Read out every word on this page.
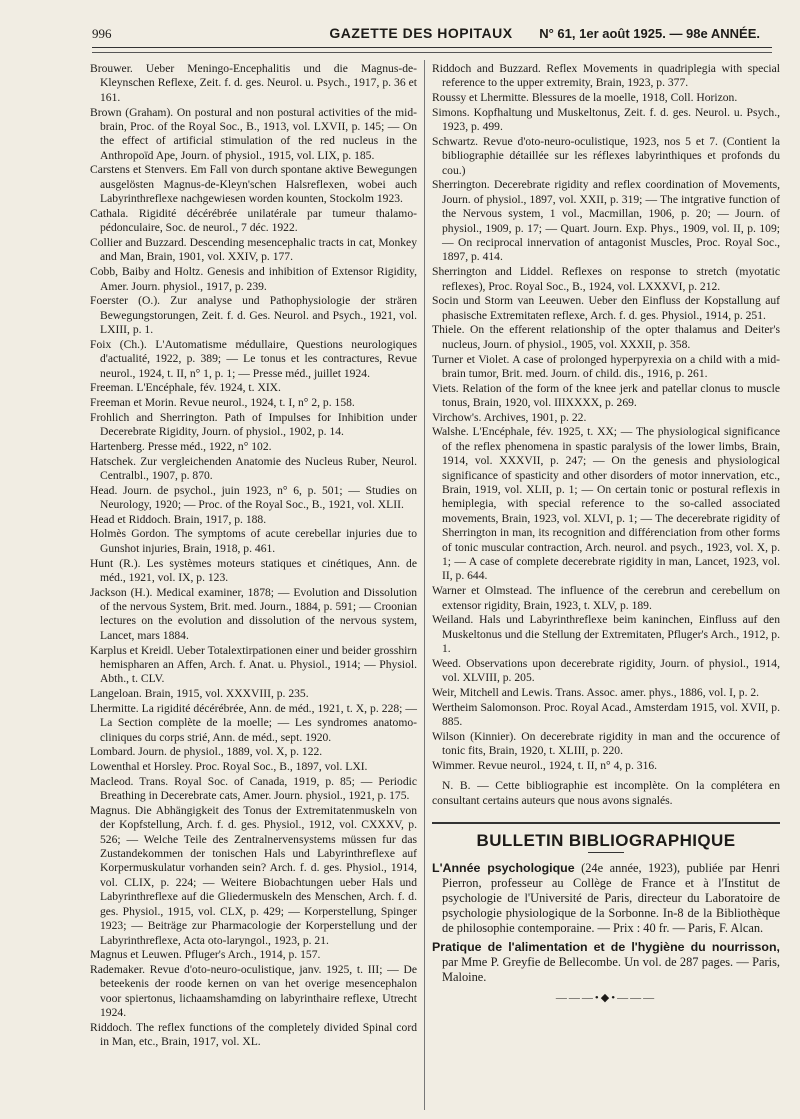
996	GAZETTE DES HOPITAUX	N° 61, 1er août 1925. — 98e ANNÉE.
Brouwer. Ueber Meningo-Encephalitis und die Magnus-de-Kleynschen Reflexe, Zeit. f. d. ges. Neurol. u. Psych., 1917, p. 36 et 161.
Brown (Graham). On postural and non postural activities of the mid-brain, Proc. of the Royal Soc., B., 1913, vol. LXVII, p. 145; — On the effect of artificial stimulation of the red nucleus in the Anthropoïd Ape, Journ. of physiol., 1915, vol. LIX, p. 185.
Carstens et Stenvers. Em Fall von durch spontane aktive Bewegungen ausgelösten Magnus-de-Kleyn'schen Halsreflexen, wobei auch Labyrinthreflexe nachgewiesen worden kounten, Stockolm 1923.
Cathala. Rigidité décérébrée unilatérale par tumeur thalamo-pédonculaire, Soc. de neurol., 7 déc. 1922.
Collier and Buzzard. Descending mesencephalic tracts in cat, Monkey and Man, Brain, 1901, vol. XXIV, p. 177.
Cobb, Baiby and Holtz. Genesis and inhibition of Extensor Rigidity, Amer. Journ. physiol., 1917, p. 239.
Foerster (O.). Zur analyse und Pathophysiologie der strären Bewegungstorungen, Zeit. f. d. Ges. Neurol. and Psych., 1921, vol. LXIII, p. 1.
Foix (Ch.). L'Automatisme médullaire, Questions neurologiques d'actualité, 1922, p. 389; — Le tonus et les contractures, Revue neurol., 1924, t. II, n° 1, p. 1; — Presse méd., juillet 1924.
Freeman. L'Encéphale, fév. 1924, t. XIX.
Freeman et Morin. Revue neurol., 1924, t. I, n° 2, p. 158.
Frohlich and Sherrington. Path of Impulses for Inhibition under Decerebrate Rigidity, Journ. of physiol., 1902, p. 14.
Hartenberg. Presse méd., 1922, n° 102.
Hatschek. Zur vergleichenden Anatomie des Nucleus Ruber, Neurol. Centralbl., 1907, p. 870.
Head. Journ. de psychol., juin 1923, n° 6, p. 501; — Studies on Neurology, 1920; — Proc. of the Royal Soc., B., 1921, vol. XLII.
Head et Riddoch. Brain, 1917, p. 188.
Holmès Gordon. The symptoms of acute cerebellar injuries due to Gunshot injuries, Brain, 1918, p. 461.
Hunt (R.). Les systèmes moteurs statiques et cinétiques, Ann. de méd., 1921, vol. IX, p. 123.
Jackson (H.). Medical examiner, 1878; — Evolution and Dissolution of the nervous System, Brit. med. Journ., 1884, p. 591; — Croonian lectures on the evolution and dissolution of the nervous system, Lancet, mars 1884.
Karplus et Kreidl. Ueber Totalextirpationen einer und beider grosshirn hemispharen an Affen, Arch. f. Anat. u. Physiol., 1914; — Physiol. Abth., t. CLV.
Langeloan. Brain, 1915, vol. XXXVIII, p. 235.
Lhermitte. La rigidité décérébrée, Ann. de méd., 1921, t. X, p. 228; — La Section complète de la moelle; — Les syndromes anatomo-cliniques du corps strié, Ann. de méd., sept. 1920.
Lombard. Journ. de physiol., 1889, vol. X, p. 122.
Lowenthal et Horsley. Proc. Royal Soc., B., 1897, vol. LXI.
Macleod. Trans. Royal Soc. of Canada, 1919, p. 85; — Periodic Breathing in Decerebrate cats, Amer. Journ. physiol., 1921, p. 175.
Magnus. Die Abhängigkeit des Tonus der Extremitatenmuskeln von der Kopfstellung, Arch. f. d. ges. Physiol., 1912, vol. CXXXV, p. 526; — Welche Teile des Zentralnervensystems müssen fur das Zustandekommen der tonischen Hals und Labyrinthreflexe auf Korpermuskulatur vorhanden sein? Arch. f. d. ges. Physiol., 1914, vol. CLIX, p. 224; — Weitere Biobachtungen ueber Hals und Labyrinthreflexe auf die Gliedermuskeln des Menschen, Arch. f. d. ges. Physiol., 1915, vol. CLX, p. 429; — Korperstellung, Spinger 1923; — Beiträge zur Pharmacologie der Korperstellung und der Labyrinthreflexe, Acta oto-laryngol., 1923, p. 21.
Magnus et Leuwen. Pfluger's Arch., 1914, p. 157.
Rademaker. Revue d'oto-neuro-oculistique, janv. 1925, t. III; — De beteekenis der roode kernen on van het overige mesencephalon voor spiertonus, lichaamshamding on labyrinthaire reflexe, Utrecht 1924.
Riddoch. The reflex functions of the completely divided Spinal cord in Man, etc., Brain, 1917, vol. XL.
Riddoch and Buzzard. Reflex Movements in quadriplegia with special reference to the upper extremity, Brain, 1923, p. 377.
Roussy et Lhermitte. Blessures de la moelle, 1918, Coll. Horizon.
Simons. Kopfhaltung und Muskeltonus, Zeit. f. d. ges. Neurol. u. Psych., 1923, p. 499.
Schwartz. Revue d'oto-neuro-oculistique, 1923, nos 5 et 7. (Contient la bibliographie détaillée sur les réflexes labyrinthiques et profonds du cou.)
Sherrington. Decerebrate rigidity and reflex coordination of Movements, Journ. of physiol., 1897, vol. XXII, p. 319; — The intgrative function of the Nervous system, 1 vol., Macmillan, 1906, p. 20; — Journ. of physiol., 1909, p. 17; — Quart. Journ. Exp. Phys., 1909, vol. II, p. 109; — On reciprocal innervation of antagonist Muscles, Proc. Royal Soc., 1897, p. 414.
Sherrington and Liddel. Reflexes on response to stretch (myotatic reflexes), Proc. Royal Soc., B., 1924, vol. LXXXVI, p. 212.
Socin und Storm van Leeuwen. Ueber den Einfluss der Kopstallung auf phasische Extremitaten reflexe, Arch. f. d. ges. Physiol., 1914, p. 251.
Thiele. On the efferent relationship of the opter thalamus and Deiter's nucleus, Journ. of physiol., 1905, vol. XXXII, p. 358.
Turner et Violet. A case of prolonged hyperpyrexia on a child with a mid-brain tumor, Brit. med. Journ. of child. dis., 1916, p. 261.
Viets. Relation of the form of the knee jerk and patellar clonus to muscle tonus, Brain, 1920, vol. IIIXXXX, p. 269.
Virchow's. Archives, 1901, p. 22.
Walshe. L'Encéphale, fév. 1925, t. XX; — The physiological significance of the reflex phenomena in spastic paralysis of the lower limbs, Brain, 1914, vol. XXXVII, p. 247; — On the genesis and physiological significance of spasticity and other disorders of motor innervation, etc., Brain, 1919, vol. XLII, p. 1; — On certain tonic or postural reflexis in hemiplegia, with special reference to the so-called associated movements, Brain, 1923, vol. XLVI, p. 1; — The decerebrate rigidity of Sherrington in man, its recognition and différenciation from other forms of tonic muscular contraction, Arch. neurol. and psych., 1923, vol. X, p. 1; — A case of complete decerebrate rigidity in man, Lancet, 1923, vol. II, p. 644.
Warner et Olmstead. The influence of the cerebrun and cerebellum on extensor rigidity, Brain, 1923, t. XLV, p. 189.
Weiland. Hals und Labyrinthreflexe beim kaninchen, Einfluss auf den Muskeltonus und die Stellung der Extremitaten, Pfluger's Arch., 1912, p. 1.
Weed. Observations upon decerebrate rigidity, Journ. of physiol., 1914, vol. XLVIII, p. 205.
Weir, Mitchell and Lewis. Trans. Assoc. amer. phys., 1886, vol. I, p. 2.
Wertheim Salomonson. Proc. Royal Acad., Amsterdam 1915, vol. XVII, p. 885.
Wilson (Kinnier). On decerebrate rigidity in man and the occurence of tonic fits, Brain, 1920, t. XLIII, p. 220.
Wimmer. Revue neurol., 1924, t. II, n° 4, p. 316.
N. B. — Cette bibliographie est incomplète. On la complétera en consultant certains auteurs que nous avons signalés.
BULLETIN BIBLIOGRAPHIQUE
L'Année psychologique (24e année, 1923), publiée par Henri Pierron, professeur au Collège de France et à l'Institut de psychologie de l'Université de Paris, directeur du Laboratoire de psychologie physiologique de la Sorbonne. In-8 de la Bibliothèque de philosophie contemporaine. — Prix : 40 fr. — Paris, F. Alcan.
Pratique de l'alimentation et de l'hygiène du nourrisson, par Mme P. Greyfie de Bellecombe. Un vol. de 287 pages. — Paris, Maloine.
———•◆•———
